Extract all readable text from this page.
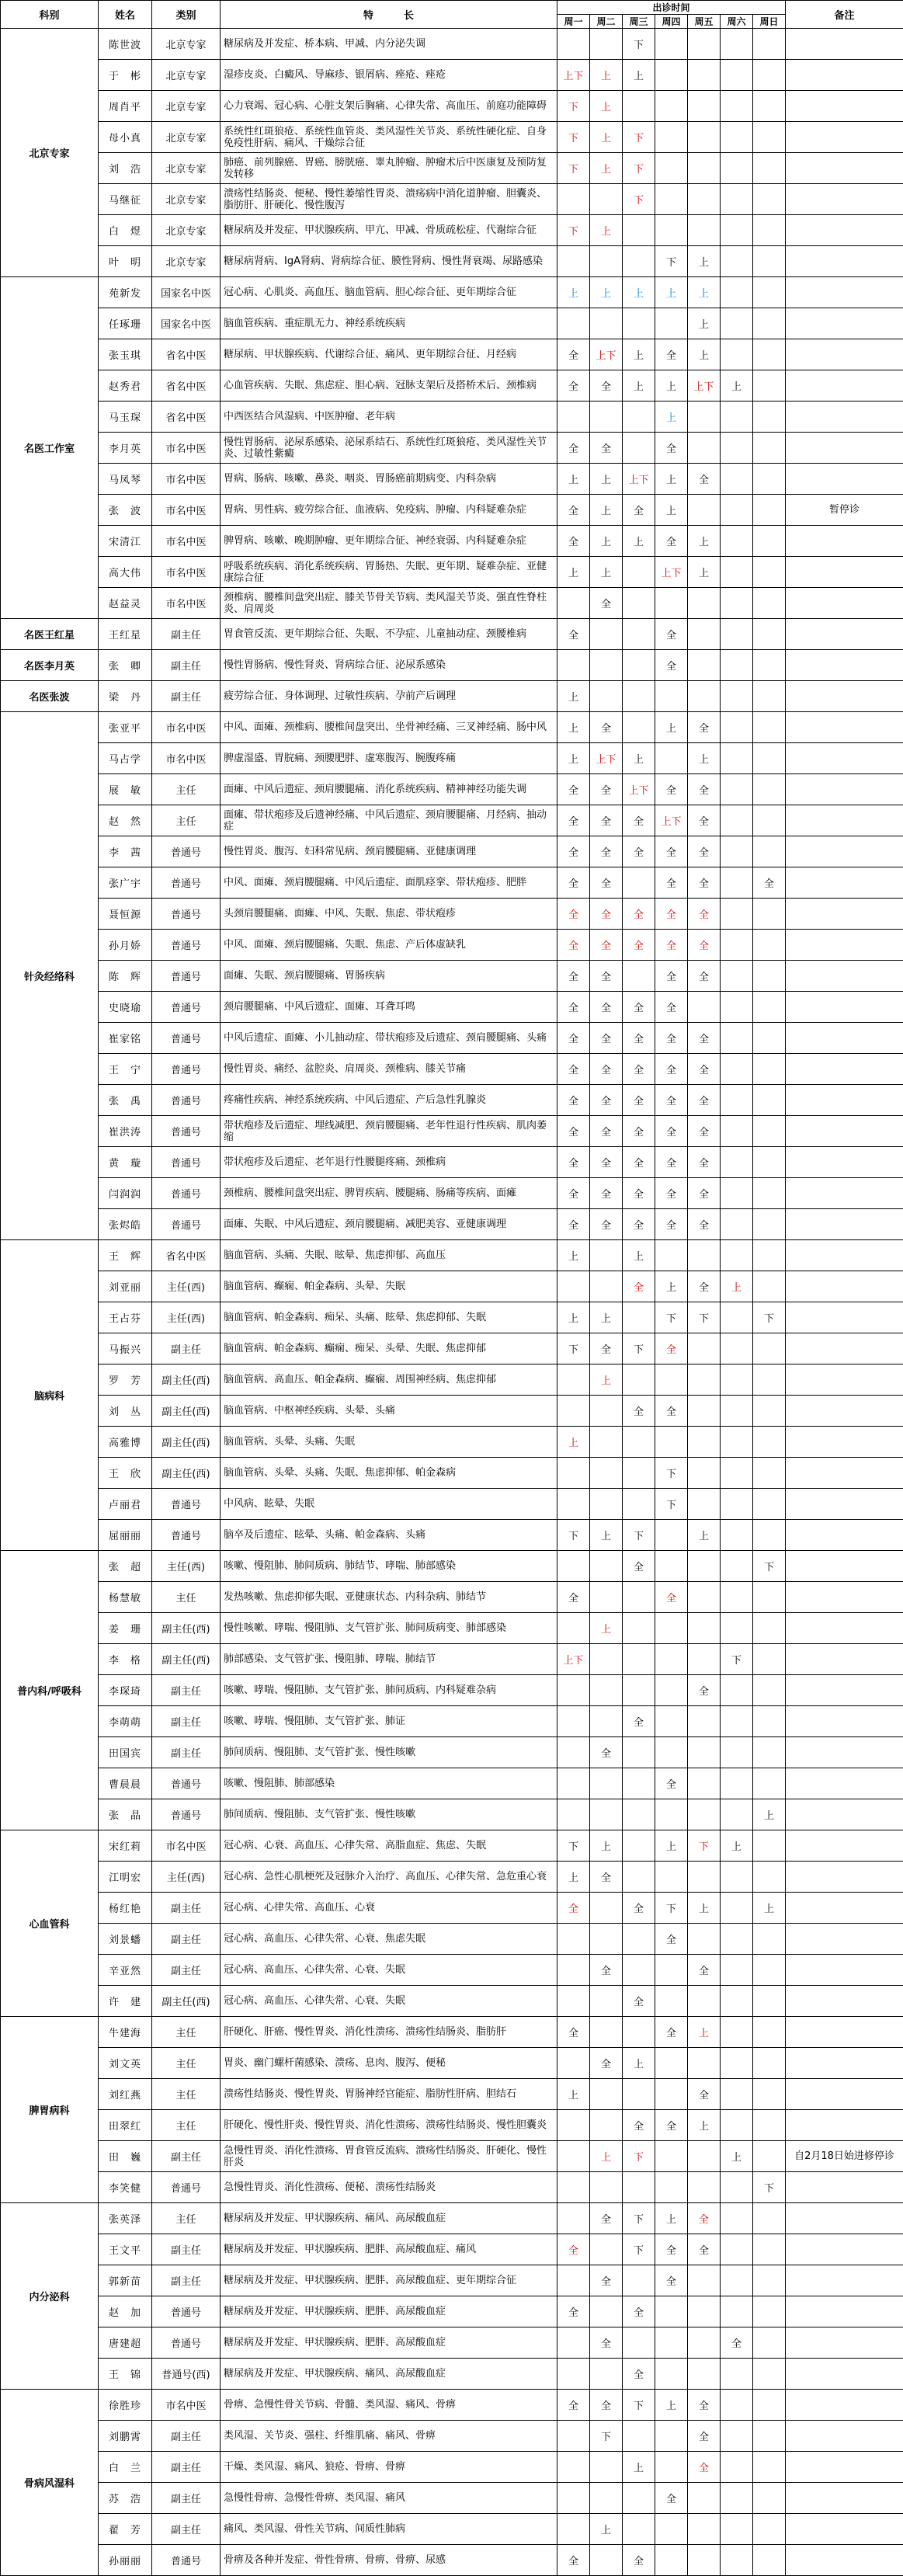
科别	姓名	类别	特　　　长	出诊时间							备注
				周一	周二	周三	周四	周五	周六	周日	
北京专家	陈世波	北京专家	糖尿病及并发症、桥本病、甲减、内分泌失调			下					
	于　彬	北京专家	湿疹皮炎、白癜风、导麻疹、银屑病、痤疮、痤疮	上下	上	上					
	周肖平	北京专家	心力衰竭、冠心病、心脏支架后胸痛、心律失常、高血压、前庭功能障碍	下	上						
	母小真	北京专家	系统性红斑狼疮、系统性血管炎、类风湿性关节炎、系统性硬化症、自身免疫性肝病、痛风、干燥综合征	下	上	下					
	刘　浩	北京专家	肺癌、前列腺癌、胃癌、膀胱癌、睾丸肿瘤、肿瘤术后中医康复及预防复发转移	下	上	下					
	马继征	北京专家	溃疡性结肠炎、便秘、慢性萎缩性胃炎、溃疡病中消化道肿瘤、胆囊炎、脂肪肝、肝硬化、慢性腹泻			下					
	白　煜	北京专家	糖尿病及并发症、甲状腺疾病、甲亢、甲减、骨质疏松症、代谢综合征	下	上						
	叶　明	北京专家	糖尿病肾病、IgA肾病、肾病综合征、膜性肾病、慢性肾衰竭、尿路感染				下	上			
名医工作室	苑新发	国家名中医	冠心病、心肌炎、高血压、脑血管病、胆心综合征、更年期综合征	上	上	上	上	上			
	任琢珊	国家名中医	脑血管疾病、重症肌无力、神经系统疾病					上			
	张玉琪	省名中医	糖尿病、甲状腺疾病、代谢综合征、痛风、更年期综合征、月经病	全	上下	上	全	上			
	赵秀君	省名中医	心血管疾病、失眠、焦虑症、胆心病、冠脉支架后及搭桥术后、颈椎病	全	全	上	上	上下	上		
	马玉琛	省名中医	中西医结合风湿病、中医肿瘤、老年病				上				
	李月英	市名中医	慢性胃肠病、泌尿系感染、泌尿系结石、系统性红斑狼疮、类风湿性关节炎、过敏性紫癜	全	全		全				
	马凤琴	市名中医	胃病、肠病、咳嗽、鼻炎、咽炎、胃肠癌前期病变、内科杂病	上	上	上下	上	全			
	张　波	市名中医	胃病、男性病、疲劳综合征、血液病、免疫病、肿瘤、内科疑难杂症	全	上	全	上				暂停诊
	宋清江	市名中医	脾胃病、咳嗽、晚期肿瘤、更年期综合征、神经衰弱、内科疑难杂症	全	上	上	全	上			
	高大伟	市名中医	呼吸系统疾病、消化系统疾病、胃肠热、失眠、更年期、疑难杂症、亚健康综合征	上	上		上下	上			
	赵益灵	市名中医	颈椎病、腰椎间盘突出症、膝关节骨关节病、类风湿关节炎、强直性脊柱炎、肩周炎		全						
名医王红星	王红星	副主任	胃食管反流、更年期综合征、失眠、不孕症、儿童抽动症、颈腰椎病	全			全				
名医李月英	张　卿	副主任	慢性胃肠病、慢性肾炎、肾病综合征、泌尿系感染				全				
名医张波	梁　丹	副主任	疲劳综合征、身体调理、过敏性疾病、孕前产后调理	上							
针灸经络科	张亚平	市名中医	中风、面瘫、颈椎病、腰椎间盘突出、坐骨神经痛、三叉神经痛、肠中风	上	全		上	全			
	马占学	市名中医	脾虚湿盛、胃脘痛、颈腰肥胖、虚寒腹泻、腕腹疼痛	上	上下	上		上			
	展　敏	主任	面瘫、中风后遗症、颈肩腰腿痛、消化系统疾病、精神神经功能失调	全	全	上下	全	全			
	赵　然	主任	面瘫、带状疱疹及后遗神经痛、中风后遗症、颈肩腰腿痛、月经病、抽动症	全	全	全	上下	全			
	李　茜	普通号	慢性胃炎、腹泻、妇科常见病、颈肩腰腿痛、亚健康调理	全	全	全	全	全			
	张广宇	普通号	中风、面瘫、颈肩腰腿痛、中风后遗症、面肌痉挛、带状疱疹、肥胖	全	全		全	全		全	
	聂恒源	普通号	头颈肩腰腿痛、面瘫、中风、失眠、焦虑、带状疱疹	全	全	全	全	全			
	孙月娇	普通号	中风、面瘫、颈肩腰腿痛、失眠、焦虑、产后体虚缺乳	全	全	全	全	全			
	陈　辉	普通号	面瘫、失眠、颈肩腰腿痛、胃肠疾病	全	全		全	全			
	史晓瑜	普通号	颈肩腰腿痛、中风后遗症、面瘫、耳聋耳鸣	全	全	全	全				
	崔家铭	普通号	中风后遗症、面瘫、小儿抽动症、带状疱疹及后遗症、颈肩腰腿痛、头痛	全	全	全	全	全			
	王　宁	普通号	慢性胃炎、痛经、盆腔炎、肩周炎、颈椎病、膝关节痛	全	全	全	全	全			
	张　禹	普通号	疼痛性疾病、神经系统疾病、中风后遗症、产后急性乳腺炎	全	全	全	全	全			
	崔洪涛	普通号	带状疱疹及后遗症、埋线减肥、颈肩腰腿痛、老年性退行性疾病、肌肉萎缩	全	全	全	全	全			
	黄　璇	普通号	带状疱疹及后遗症、老年退行性腰腿疼痛、颈椎病	全	全	全	全	全			
	闫润润	普通号	颈椎病、腰椎间盘突出症、脾胃疾病、腰腿痛、肠痛等疾病、面瘫	全	全	全	全	全			
	张烬皓	普通号	面瘫、失眠、中风后遗症、颈肩腰腿痛、减肥美容、亚健康调理	全	全	全	全	全			
脑病科	王　辉	省名中医	脑血管病、头痛、失眠、眩晕、焦虑抑郁、高血压	上		上					
	刘亚丽	主任(西)	脑血管病、癫痫、帕金森病、头晕、失眠			全	上	全	上		
	王占芬	主任(西)	脑血管病、帕金森病、痴呆、头痛、眩晕、焦虑抑郁、失眠	上	上		下	下		下	
	马振兴	副主任	脑血管病、帕金森病、癫痫、痴呆、头晕、失眠、焦虑抑郁	下	全	下	全				
	罗　芳	副主任(西)	脑血管病、高血压、帕金森病、癫痫、周围神经病、焦虑抑郁		上						
	刘　丛	副主任(西)	脑血管病、中枢神经疾病、头晕、头痛			全	全				
	高雅博	副主任(西)	脑血管病、头晕、头痛、失眠	上							
	王　欣	副主任(西)	脑血管病、头晕、头痛、失眠、焦虑抑郁、帕金森病				下				
	卢丽君	普通号	中风病、眩晕、失眠				下				
	屈丽丽	普通号	脑卒及后遗症、眩晕、头痛、帕金森病、头痛	下	上	下		上			
普内科/呼吸科	张　超	主任(西)	咳嗽、慢阻肺、肺间质病、肺结节、哮喘、肺部感染			全				下	
	杨慧敏	主任	发热咳嗽、焦虑抑郁失眠、亚健康状态、内科杂病、肺结节	全			全				
	姜　珊	副主任(西)	慢性咳嗽、哮喘、慢阻肺、支气管扩张、肺间质病变、肺部感染		上						
	李　格	副主任(西)	肺部感染、支气管扩张、慢阻肺、哮喘、肺结节	上下					下		
	李琛琦	副主任	咳嗽、哮喘、慢阻肺、支气管扩张、肺间质病、内科疑难杂病					全			
	李萌萌	副主任	咳嗽、哮喘、慢阻肺、支气管扩张、肺证			全					
	田国宾	副主任	肺间质病、慢阻肺、支气管扩张、慢性咳嗽		全						
	曹晨晨	普通号	咳嗽、慢阻肺、肺部感染				全				
	张　晶	普通号	肺间质病、慢阻肺、支气管扩张、慢性咳嗽							上	
心血管科	宋红莉	市名中医	冠心病、心衰、高血压、心律失常、高脂血症、焦虑、失眠	下	上		上	下	上		
	江明宏	主任(西)	冠心病、急性心肌梗死及冠脉介入治疗、高血压、心律失常、急危重心衰	上	全						
	杨红艳	副主任	冠心病、心律失常、高血压、心衰	全		全	下	上		上	
	刘景蟠	副主任	冠心病、高血压、心律失常、心衰、焦虑失眠				全				
	辛亚然	副主任	冠心病、高血压、心律失常、心衰、失眠		全			全			
	许　建	副主任(西)	冠心病、高血压、心律失常、心衰、失眠			全					
脾胃病科	牛建海	主任	肝硬化、肝癌、慢性胃炎、消化性溃疡、溃疡性结肠炎、脂肪肝	全			全	上			
	刘文英	主任	胃炎、幽门螺杆菌感染、溃疡、息肉、腹泻、便秘		全	上					
	刘红燕	主任	溃疡性结肠炎、慢性胃炎、胃肠神经官能症、脂肪性肝病、胆结石	上				全			
	田翠红	主任	肝硬化、慢性肝炎、慢性胃炎、消化性溃疡、溃疡性结肠炎、慢性胆囊炎			全	全	上			
	田　巍	副主任	急慢性胃炎、消化性溃疡、胃食管反流病、溃疡性结肠炎、肝硬化、慢性肝炎		上	下			上		自2月18日始进修停诊
	李笑健	普通号	急慢性胃炎、消化性溃疡、便秘、溃疡性结肠炎							下	
内分泌科	张英泽	主任	糖尿病及并发症、甲状腺疾病、痛风、高尿酸血症		全	下	上	全			
	王文平	副主任	糖尿病及并发症、甲状腺疾病、肥胖、高尿酸血症、痛风	全		下	全	全			
	郭新苗	副主任	糖尿病及并发症、甲状腺疾病、肥胖、高尿酸血症、更年期综合征		全		全				
	赵　加	普通号	糖尿病及并发症、甲状腺疾病、肥胖、高尿酸血症	全		全					
	唐建超	普通号	糖尿病及并发症、甲状腺疾病、肥胖、高尿酸血症		全				全		
	王　锦	普通号(西)	糖尿病及并发症、甲状腺疾病、痛风、高尿酸血症			全					
骨病风湿科	徐胜珍	市名中医	骨痹、急慢性骨关节病、骨髓、类风湿、痛风、骨痹	全	全	下	上	全			
	刘鹏霄	副主任	类风湿、关节炎、强柱、纤维肌痛、痛风、骨痹		下			全			
	白　兰	副主任	干燥、类风湿、痛风、狼疮、骨痹、骨痹			上		全			
	苏　浩	副主任	急慢性骨痹、急慢性骨痹、类风湿、痛风				全				
	翟　芳	副主任	痛风、类风湿、骨性关节病、间质性肺病		上						
	孙丽丽	普通号	骨痹及各种并发症、骨性骨痹、骨痹、骨痹、尿感	全		全					
